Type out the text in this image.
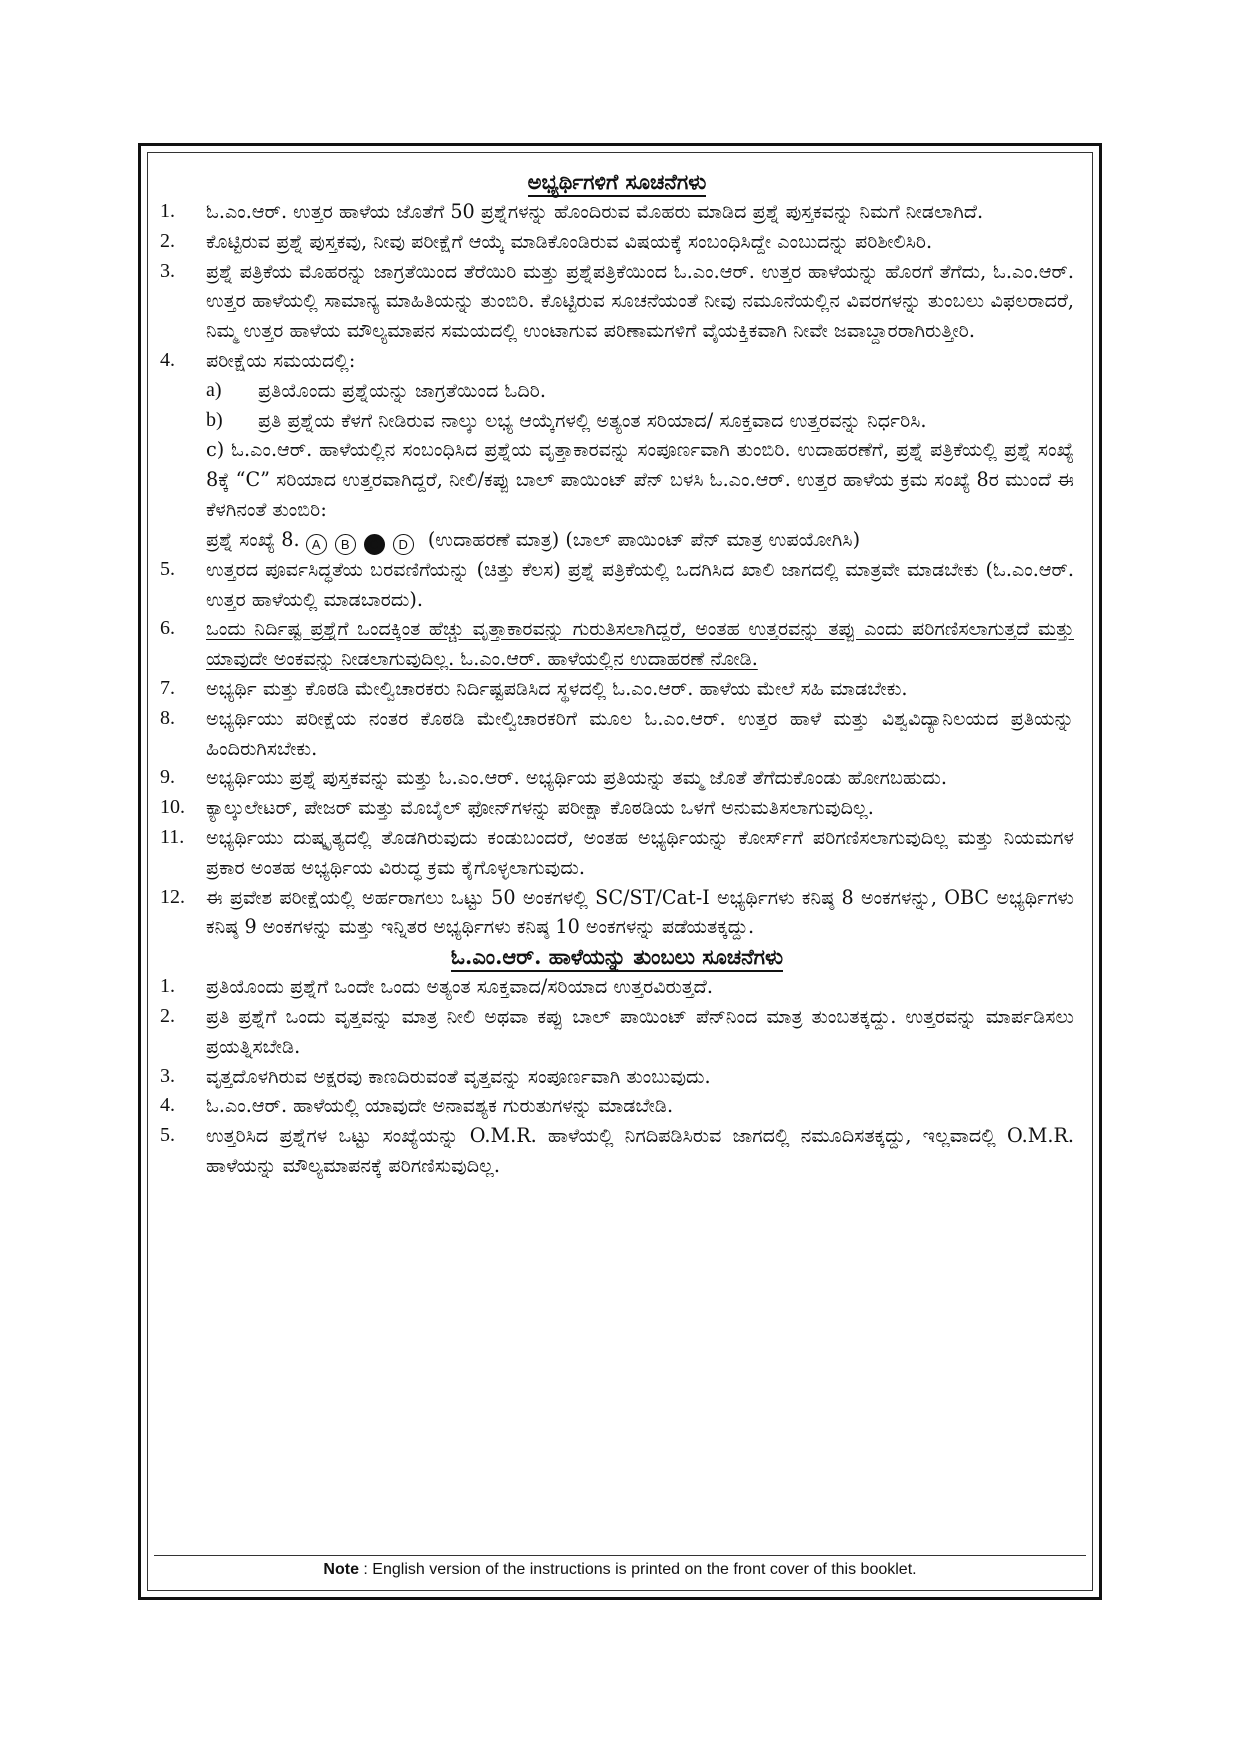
ಅಭ್ಯರ್ಥಿಗಳಿಗೆ ಸೂಚನೆಗಳು

1.	ಓ.ಎಂ.ಆರ್. ಉತ್ತರ ಹಾಳೆಯ ಜೊತೆಗೆ 50 ಪ್ರಶ್ನೆಗಳನ್ನು ಹೊಂದಿರುವ ಮೊಹರು ಮಾಡಿದ ಪ್ರಶ್ನೆ ಪುಸ್ತಕವನ್ನು ನಿಮಗೆ ನೀಡಲಾಗಿದೆ.
2.	ಕೊಟ್ಟಿರುವ ಪ್ರಶ್ನೆ ಪುಸ್ತಕವು, ನೀವು ಪರೀಕ್ಷೆಗೆ ಆಯ್ಕೆ ಮಾಡಿಕೊಂಡಿರುವ ವಿಷಯಕ್ಕೆ ಸಂಬಂಧಿಸಿದ್ದೇ ಎಂಬುದನ್ನು ಪರಿಶೀಲಿಸಿರಿ.
3.	ಪ್ರಶ್ನೆ ಪತ್ರಿಕೆಯ ಮೊಹರನ್ನು ಜಾಗ್ರತೆಯಿಂದ ತೆರೆಯಿರಿ ಮತ್ತು ಪ್ರಶ್ನೆಪತ್ರಿಕೆಯಿಂದ ಓ.ಎಂ.ಆರ್. ಉತ್ತರ ಹಾಳೆಯನ್ನು ಹೊರಗೆ ತೆಗೆದು, ಓ.ಎಂ.ಆರ್. ಉತ್ತರ ಹಾಳೆಯಲ್ಲಿ ಸಾಮಾನ್ಯ ಮಾಹಿತಿಯನ್ನು ತುಂಬಿರಿ. ಕೊಟ್ಟಿರುವ ಸೂಚನೆಯಂತೆ ನೀವು ನಮೂನೆಯಲ್ಲಿನ ವಿವರಗಳನ್ನು ತುಂಬಲು ವಿಫಲರಾದರೆ, ನಿಮ್ಮ ಉತ್ತರ ಹಾಳೆಯ ಮೌಲ್ಯಮಾಪನ ಸಮಯದಲ್ಲಿ ಉಂಟಾಗುವ ಪರಿಣಾಮಗಳಿಗೆ ವೈಯಕ್ತಿಕವಾಗಿ ನೀವೇ ಜವಾಬ್ದಾರರಾಗಿರುತ್ತೀರಿ.
4.	ಪರೀಕ್ಷೆಯ ಸಮಯದಲ್ಲಿ:
a)	ಪ್ರತಿಯೊಂದು ಪ್ರಶ್ನೆಯನ್ನು ಜಾಗ್ರತೆಯಿಂದ ಓದಿರಿ.
b)	ಪ್ರತಿ ಪ್ರಶ್ನೆಯ ಕೆಳಗೆ ನೀಡಿರುವ ನಾಲ್ಕು ಲಭ್ಯ ಆಯ್ಕೆಗಳಲ್ಲಿ ಅತ್ಯಂತ ಸರಿಯಾದ/ ಸೂಕ್ತವಾದ ಉತ್ತರವನ್ನು ನಿರ್ಧರಿಸಿ.
c) ಓ.ಎಂ.ಆರ್. ಹಾಳೆಯಲ್ಲಿನ ಸಂಬಂಧಿಸಿದ ಪ್ರಶ್ನೆಯ ವೃತ್ತಾಕಾರವನ್ನು ಸಂಪೂರ್ಣವಾಗಿ ತುಂಬಿರಿ. ಉದಾಹರಣೆಗೆ, ಪ್ರಶ್ನೆ ಪತ್ರಿಕೆಯಲ್ಲಿ ಪ್ರಶ್ನೆ ಸಂಖ್ಯೆ 8ಕ್ಕೆ “C” ಸರಿಯಾದ ಉತ್ತರವಾಗಿದ್ದರೆ, ನೀಲಿ/ಕಪ್ಪು ಬಾಲ್ ಪಾಯಿಂಟ್ ಪೆನ್ ಬಳಸಿ ಓ.ಎಂ.ಆರ್. ಉತ್ತರ ಹಾಳೆಯ ಕ್ರಮ ಸಂಖ್ಯೆ 8ರ ಮುಂದೆ ಈ ಕೆಳಗಿನಂತೆ ತುಂಬಿರಿ:
ಪ್ರಶ್ನೆ ಸಂಖ್ಯೆ 8. A B C D (ಉದಾಹರಣೆ ಮಾತ್ರ) (ಬಾಲ್ ಪಾಯಿಂಟ್ ಪೆನ್ ಮಾತ್ರ ಉಪಯೋಗಿಸಿ)
5.	ಉತ್ತರದ ಪೂರ್ವಸಿದ್ಧತೆಯ ಬರವಣಿಗೆಯನ್ನು (ಚಿತ್ತು ಕೆಲಸ) ಪ್ರಶ್ನೆ ಪತ್ರಿಕೆಯಲ್ಲಿ ಒದಗಿಸಿದ ಖಾಲಿ ಜಾಗದಲ್ಲಿ ಮಾತ್ರವೇ ಮಾಡಬೇಕು (ಓ.ಎಂ.ಆರ್. ಉತ್ತರ ಹಾಳೆಯಲ್ಲಿ ಮಾಡಬಾರದು).
6.	ಒಂದು ನಿರ್ದಿಷ್ಟ ಪ್ರಶ್ನೆಗೆ ಒಂದಕ್ಕಿಂತ ಹೆಚ್ಚು ವೃತ್ತಾಕಾರವನ್ನು ಗುರುತಿಸಲಾಗಿದ್ದರೆ, ಅಂತಹ ಉತ್ತರವನ್ನು ತಪ್ಪು ಎಂದು ಪರಿಗಣಿಸಲಾಗುತ್ತದೆ ಮತ್ತು ಯಾವುದೇ ಅಂಕವನ್ನು ನೀಡಲಾಗುವುದಿಲ್ಲ. ಓ.ಎಂ.ಆರ್. ಹಾಳೆಯಲ್ಲಿನ ಉದಾಹರಣೆ ನೋಡಿ.
7.	ಅಭ್ಯರ್ಥಿ ಮತ್ತು ಕೊಠಡಿ ಮೇಲ್ವಿಚಾರಕರು ನಿರ್ದಿಷ್ಟಪಡಿಸಿದ ಸ್ಥಳದಲ್ಲಿ ಓ.ಎಂ.ಆರ್. ಹಾಳೆಯ ಮೇಲೆ ಸಹಿ ಮಾಡಬೇಕು.
8.	ಅಭ್ಯರ್ಥಿಯು ಪರೀಕ್ಷೆಯ ನಂತರ ಕೊಠಡಿ ಮೇಲ್ವಿಚಾರಕರಿಗೆ ಮೂಲ ಓ.ಎಂ.ಆರ್. ಉತ್ತರ ಹಾಳೆ ಮತ್ತು ವಿಶ್ವವಿದ್ಯಾನಿಲಯದ ಪ್ರತಿಯನ್ನು ಹಿಂದಿರುಗಿಸಬೇಕು.
9.	ಅಭ್ಯರ್ಥಿಯು ಪ್ರಶ್ನೆ ಪುಸ್ತಕವನ್ನು ಮತ್ತು ಓ.ಎಂ.ಆರ್. ಅಭ್ಯರ್ಥಿಯ ಪ್ರತಿಯನ್ನು ತಮ್ಮ ಜೊತೆ ತೆಗೆದುಕೊಂಡು ಹೋಗಬಹುದು.
10.	ಕ್ಯಾಲ್ಕುಲೇಟರ್, ಪೇಜರ್ ಮತ್ತು ಮೊಬೈಲ್ ಫೋನ್‌ಗಳನ್ನು ಪರೀಕ್ಷಾ ಕೊಠಡಿಯ ಒಳಗೆ ಅನುಮತಿಸಲಾಗುವುದಿಲ್ಲ.
11.	ಅಭ್ಯರ್ಥಿಯು ದುಷ್ಕೃತ್ಯದಲ್ಲಿ ತೊಡಗಿರುವುದು ಕಂಡುಬಂದರೆ, ಅಂತಹ ಅಭ್ಯರ್ಥಿಯನ್ನು ಕೋರ್ಸ್‌ಗೆ ಪರಿಗಣಿಸಲಾಗುವುದಿಲ್ಲ ಮತ್ತು ನಿಯಮಗಳ ಪ್ರಕಾರ ಅಂತಹ ಅಭ್ಯರ್ಥಿಯ ವಿರುದ್ಧ ಕ್ರಮ ಕೈಗೊಳ್ಳಲಾಗುವುದು.
12.	ಈ ಪ್ರವೇಶ ಪರೀಕ್ಷೆಯಲ್ಲಿ ಅರ್ಹರಾಗಲು ಒಟ್ಟು 50 ಅಂಕಗಳಲ್ಲಿ SC/ST/Cat-I ಅಭ್ಯರ್ಥಿಗಳು ಕನಿಷ್ಠ 8 ಅಂಕಗಳನ್ನು, OBC ಅಭ್ಯರ್ಥಿಗಳು ಕನಿಷ್ಠ 9 ಅಂಕಗಳನ್ನು ಮತ್ತು ಇನ್ನಿತರ ಅಭ್ಯರ್ಥಿಗಳು ಕನಿಷ್ಠ 10 ಅಂಕಗಳನ್ನು ಪಡೆಯತಕ್ಕದ್ದು.

ಓ.ಎಂ.ಆರ್. ಹಾಳೆಯನ್ನು ತುಂಬಲು ಸೂಚನೆಗಳು

1.	ಪ್ರತಿಯೊಂದು ಪ್ರಶ್ನೆಗೆ ಒಂದೇ ಒಂದು ಅತ್ಯಂತ ಸೂಕ್ತವಾದ/ಸರಿಯಾದ ಉತ್ತರವಿರುತ್ತದೆ.
2.	ಪ್ರತಿ ಪ್ರಶ್ನೆಗೆ ಒಂದು ವೃತ್ತವನ್ನು ಮಾತ್ರ ನೀಲಿ ಅಥವಾ ಕಪ್ಪು ಬಾಲ್ ಪಾಯಿಂಟ್ ಪೆನ್‌ನಿಂದ ಮಾತ್ರ ತುಂಬತಕ್ಕದ್ದು. ಉತ್ತರವನ್ನು ಮಾರ್ಪಡಿಸಲು ಪ್ರಯತ್ನಿಸಬೇಡಿ.
3.	ವೃತ್ತದೊಳಗಿರುವ ಅಕ್ಷರವು ಕಾಣದಿರುವಂತೆ ವೃತ್ತವನ್ನು ಸಂಪೂರ್ಣವಾಗಿ ತುಂಬುವುದು.
4.	ಓ.ಎಂ.ಆರ್. ಹಾಳೆಯಲ್ಲಿ ಯಾವುದೇ ಅನಾವಶ್ಯಕ ಗುರುತುಗಳನ್ನು ಮಾಡಬೇಡಿ.
5.	ಉತ್ತರಿಸಿದ ಪ್ರಶ್ನೆಗಳ ಒಟ್ಟು ಸಂಖ್ಯೆಯನ್ನು O.M.R. ಹಾಳೆಯಲ್ಲಿ ನಿಗದಿಪಡಿಸಿರುವ ಜಾಗದಲ್ಲಿ ನಮೂದಿಸತಕ್ಕದ್ದು, ಇಲ್ಲವಾದಲ್ಲಿ O.M.R. ಹಾಳೆಯನ್ನು ಮೌಲ್ಯಮಾಪನಕ್ಕೆ ಪರಿಗಣಿಸುವುದಿಲ್ಲ.
Note : English version of the instructions is printed on the front cover of this booklet.
